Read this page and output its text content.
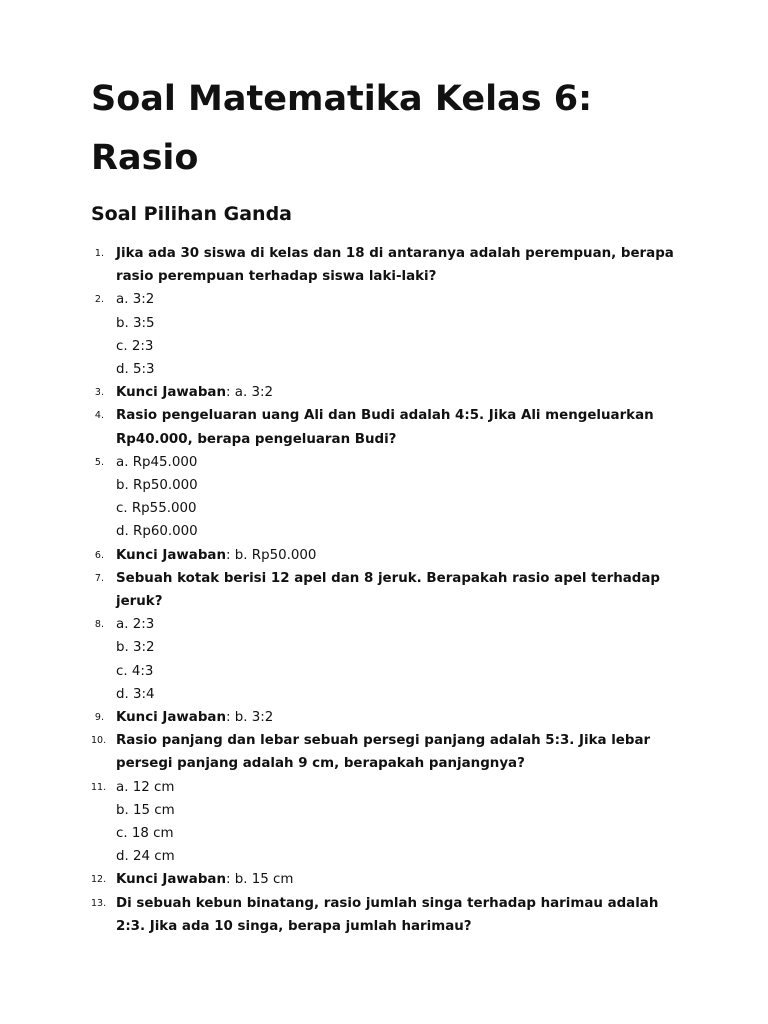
Soal Matematika Kelas 6:
Rasio
Soal Pilihan Ganda
1. Jika ada 30 siswa di kelas dan 18 di antaranya adalah perempuan, berapa rasio perempuan terhadap siswa laki-laki?
2. a. 3:2
b. 3:5
c. 2:3
d. 5:3
3. Kunci Jawaban: a. 3:2
4. Rasio pengeluaran uang Ali dan Budi adalah 4:5. Jika Ali mengeluarkan Rp40.000, berapa pengeluaran Budi?
5. a. Rp45.000
b. Rp50.000
c. Rp55.000
d. Rp60.000
6. Kunci Jawaban: b. Rp50.000
7. Sebuah kotak berisi 12 apel dan 8 jeruk. Berapakah rasio apel terhadap jeruk?
8. a. 2:3
b. 3:2
c. 4:3
d. 3:4
9. Kunci Jawaban: b. 3:2
10. Rasio panjang dan lebar sebuah persegi panjang adalah 5:3. Jika lebar persegi panjang adalah 9 cm, berapakah panjangnya?
11. a. 12 cm
b. 15 cm
c. 18 cm
d. 24 cm
12. Kunci Jawaban: b. 15 cm
13. Di sebuah kebun binatang, rasio jumlah singa terhadap harimau adalah 2:3. Jika ada 10 singa, berapa jumlah harimau?
